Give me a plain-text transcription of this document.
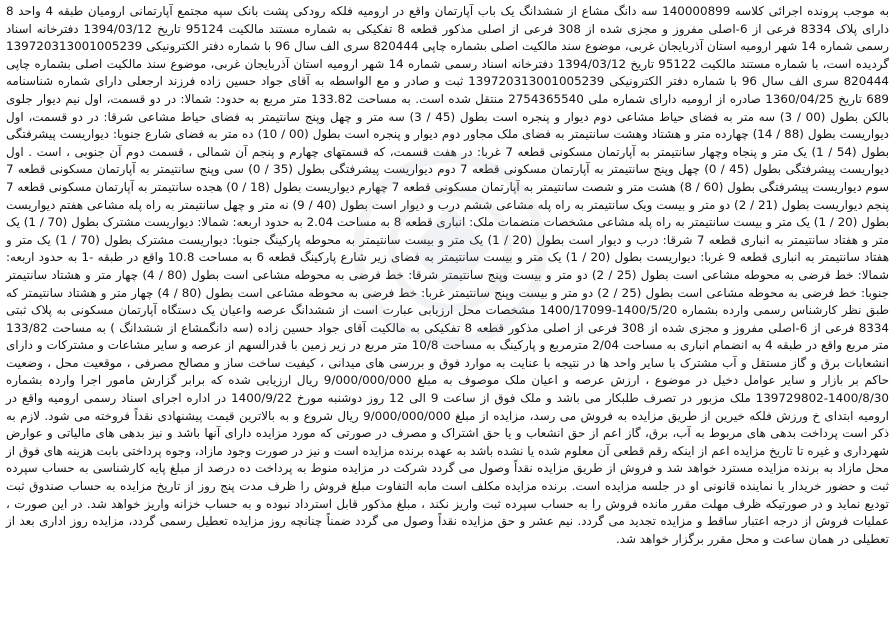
به موجب پرونده اجرائی کلاسه 140000899 سه دانگ مشاع از ششدانگ یک باب آپارتمان واقع در ارومیه فلکه رودکی پشت بانک سپه مجتمع آپارتمانی ارومیان طبقه 4 واحد 8 دارای پلاک 8334 فرعی از 6-اصلی مفروز و مجزی شده از 308 فرعی از اصلی مذکور قطعه 8 تفکیکی به شماره مستند مالکیت 95124 تاریخ 1394/03/12 دفترخانه اسناد رسمی شماره 14 شهر ارومیه استان آذربایجان غربی، موضوع سند مالکیت اصلی بشماره چاپی 820444 سری الف سال 96 با شماره دفتر الکترونیکی 139720313001005239 گردیده است، با شماره مستند مالکیت 95122 تاریخ 1394/03/12 دفترخانه اسناد رسمی شماره 14 شهر ارومیه استان آذربایجان غربی، موضوع سند مالکیت اصلی بشماره چاپی 820444 سری الف سال 96 با شماره دفتر الکترونیکی 139720313001005239 ثبت و صادر و مع الواسطه به آقای جواد حسین زاده فرزند ارجعلی دارای شماره شناسنامه 689 تاریخ 1360/04/25 صادره از ارومیه دارای شماره ملی 2754365540 منتقل شده است. به مساحت 133.82 متر مربع به حدود: شمالا: در دو قسمت، اول نیم دیوار جلوی بالکن بطول (00 / 3) سه متر به فضای حیاط مشاعی دوم دیوار و پنجره است بطول (45 / 3) سه متر و چهل وپنج سانتیمتر به فضای حیاط مشاعی شرقا: در دو قسمت، اول دیواریست بطول (88 / 14) چهارده متر و هشتاد وهشت سانتیمتر به فضای ملک مجاور دوم دیوار و پنجره است بطول (00 / 10) ده متر به فضای شارع جنوبا: دیواریست پیشرفتگی بطول (54 / 1) یک متر و پنجاه وچهار سانتیمتر به آپارتمان مسکونی قطعه 7 غربا: در هفت قسمت، که قسمتهای چهارم و پنجم آن شمالی ، قسمت دوم آن جنوبی ، است . اول دیواریست پیشرفتگی بطول (45 / 0) چهل وپنج سانتیمتر به آپارتمان مسکونی قطعه 7 دوم دیواریست پیشرفتگی بطول (35 / 0) سی وپنج سانتیمتر به آپارتمان مسکونی قطعه 7 سوم دیواریست پیشرفتگی بطول (60 / 8) هشت متر و شصت سانتیمتر به آپارتمان مسکونی قطعه 7 چهارم دیواریست بطول (18 / 0) هجده سانتیمتر به آپارتمان مسکونی قطعه 7 پنجم دیواریست بطول (21 / 2) دو متر و بیست ویک سانتیمتر به راه پله مشاعی ششم درب و دیوار است بطول (40 / 9) نه متر و چهل سانتیمتر به راه پله مشاعی هفتم دیواریست بطول (20 / 1) یک متر و بیست سانتیمتر به راه پله مشاعی مشخصات منضمات ملک: انباری قطعه 8 به مساحت 2.04 به حدود اربعه: شمالا: دیواریست مشترک بطول (70 / 1) یک متر و هفتاد سانتیمتر به انباری قطعه 7 شرقا: درب و دیوار است بطول (20 / 1) یک متر و بیست سانتیمتر به محوطه پارکینگ جنوبا: دیواریست مشترک بطول (70 / 1) یک متر و هفتاد سانتیمتر به انباری قطعه 9 غربا: دیواریست بطول (20 / 1) یک متر و بیست سانتیمتر به فضای زیر شارع پارکینگ قطعه 6 به مساحت 10.8 واقع در طبقه -1 به حدود اربعه: شمالا: خط فرضی به محوطه مشاعی است بطول (25 / 2) دو متر و بیست وپنج سانتیمتر شرقا: خط فرضی به محوطه مشاعی است بطول (80 / 4) چهار متر و هشتاد سانتیمتر جنوبا: خط فرضی به محوطه مشاعی است بطول (25 / 2) دو متر و بیست وپنج سانتیمتر غربا: خط فرضی به محوطه مشاعی است بطول (80 / 4) چهار متر و هشتاد سانتیمتر که طبق نظر کارشناس رسمی وارده بشماره 1400/5/20-1400/17099 مشخصات محل ارزیابی عبارت است از ششدانگ عرصه واعیان یک دستگاه آپارتمان مسکونی به پلاک ثبتی 8334 فرعی از 6-اصلی مفروز و مجزی شده از 308 فرعی از اصلی مذکور قطعه 8 تفکیکی به مالکیت آقای جواد حسین زاده (سه دانگمشاع از ششدانگ ) به مساحت 133/82 متر مربع واقع در طبقه 4 به انضمام انباری به مساحت 2/04 مترمربع و پارکینگ به مساحت 10/8 متر مربع در زیر زمین با قدرالسهم از عرصه و سایر مشاعات و مشترکات و دارای انشعابات برق و گاز مستقل و آب مشترک با سایر واحد ها در نتیجه با عنایت به موارد فوق و بررسی های میدانی ، کیفیت ساخت ساز و مصالح مصرفی ، موقعیت محل ، وضعیت حاکم بر بازار و سایر عوامل دخیل در موضوع ، ارزش عرصه و اعیان ملک موصوف به مبلغ 9/000/000/000 ریال ارزیابی شده که برابر گزارش مامور اجرا واردہ بشماره 1400/8/30-139729802 ملک مزبور در تصرف طلبکار می باشد و ملک فوق از ساعت 9 الی 12 روز دوشنبه مورخ 1400/9/22 در اداره اجرای اسناد رسمی ارومیه واقع در ارومیه ابتدای خ ورزش فلکه خیرین از طریق مزایده به فروش می رسد، مزایده از مبلغ 9/000/000/000 ریال شروع و به بالاترین قیمت پیشنهادی نقداً فروخته می شود. لازم به ذکر است پرداخت بدهی های مربوط به آب، برق، گاز اعم از حق انشعاب و یا حق اشتراک و مصرف در صورتی که مورد مزایده دارای آنها باشد و نیز بدهی های مالیاتی و عوارض شهرداری و غیره تا تاریخ مزایده اعم از اینکه رقم قطعی آن معلوم شده یا نشده باشد به عهده برنده مزایده است و نیز در صورت وجود مازاد، وجوه پرداختی بابت هزینه های فوق از محل مازاد به برنده مزایده مسترد خواهد شد و فروش از طریق مزایده نقداً وصول می گردد شرکت در مزایده منوط به پرداخت ده درصد از مبلغ پایه کارشناسی به حساب سپرده ثبت و حضور خریدار یا نماینده قانونی او در جلسه مزایده است. برنده مزایده مکلف است مابه التفاوت مبلغ فروش را ظرف مدت پنج روز از تاریخ مزایده به حساب صندوق ثبت تودیع نماید و در صورتیکه ظرف مهلت مقرر مانده فروش را به حساب سپرده ثبت واریز نکند ، مبلغ مذکور قابل استرداد نبوده و به حساب خزانه واریز خواهد شد. در این صورت ، عملیات فروش از درجه اعتبار ساقط و مزایده تجدید می گردد. نیم عشر و حق مزایده نقداً وصول می گردد ضمناً چنانچه روز مزایده تعطیل رسمی گردد، مزایده روز اداری بعد از تعطیلی در همان ساعت و محل مقرر برگزار خواهد شد.
